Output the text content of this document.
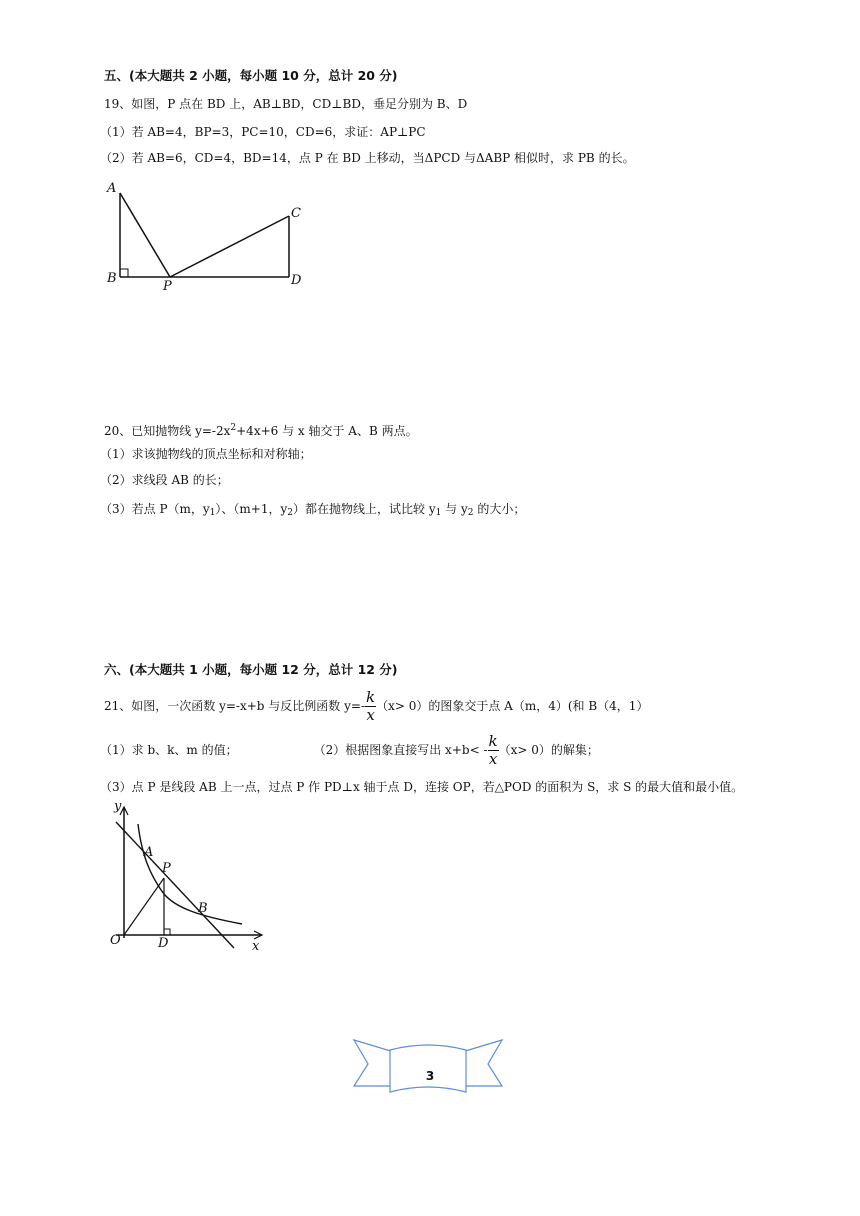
五、(本大题共 2 小题，每小题 10 分，总计 20 分)
19、如图，P 点在 BD 上，AB⊥BD，CD⊥BD，垂足分别为 B、D
（1）若 AB=4，BP=3，PC=10，CD=6，求证：AP⊥PC
（2）若 AB=6，CD=4，BD=14，点 P 在 BD 上移动，当ΔPCD 与ΔABP 相似时，求 PB 的长。
A
B
P
C
D
20、已知抛物线 $y=-2x^2+4x+6$ 与 x 轴交于 A、B 两点。
（1）求该抛物线的顶点坐标和对称轴；
（2）求线段 AB 的长；
（3）若点 P（m，$y_1$）、（m+1，$y_2$）都在抛物线上，试比较 $y_1$ 与 $y_2$ 的大小；
六、(本大题共 1 小题，每小题 12 分，总计 12 分)
21、如图，一次函数 y=-x+b 与反比例函数 $y=- \frac{k}{x} (x> 0)$的图象交于点 A（m，4）(和 B（4，1）
（1）求 b、k、m 的值；	（2）根据图象直接写出 $x+b< - \frac{k}{x} (x> 0)$的解集；
（3）点 P 是线段 AB 上一点，过点 P 作 PD⊥x 轴于点 D，连接 OP，若△POD 的面积为 S，求 S 的最大值和最小值。
y
x
O
A
P
B
D
3
